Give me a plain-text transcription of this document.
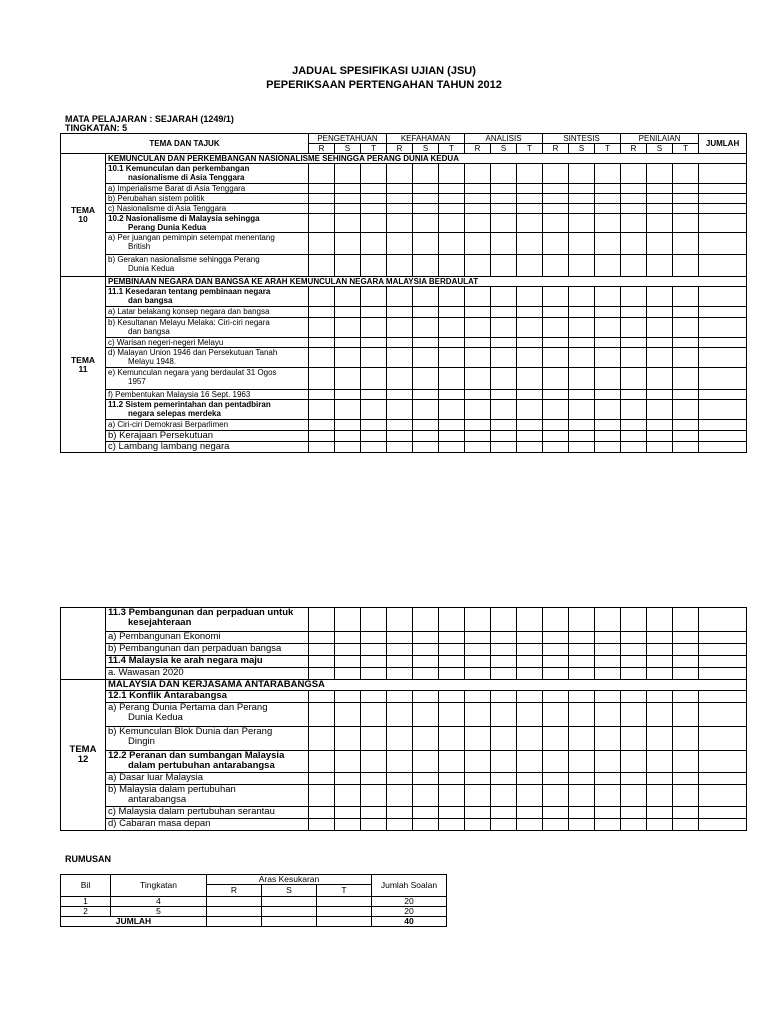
JADUAL SPESIFIKASI UJIAN (JSU)
PEPERIKSAAN PERTENGAHAN TAHUN 2012
MATA PELAJARAN : SEJARAH (1249/1)
TINGKATAN: 5
TEMA DAN TAJUK		PENGETAHUAN			KEFAHAMAN			ANALISIS			SINTESIS			PENILAIAN			JUMLAH
		R	S	T	R	S	T	R	S	T	R	S	T	R	S	T	
TEMA
10	KEMUNCULAN DAN PERKEMBANGAN NASIONALISME SEHINGGA PERANG DUNIA KEDUA																
	10.1 Kemunculan dan perkembangan
nasionalisme di Asia Tenggara																
	a) Imperialisme Barat di Asia Tenggara																
	b) Perubahan sistem politik																
	c) Nasionalisme di Asia Tenggara																
	10.2 Nasionalisme di Malaysia sehingga
Perang Dunia Kedua																
	a) Per juangan pemimpin setempat menentang
British																
	b) Gerakan nasionalisme sehingga Perang
Dunia Kedua																

TEMA
11	PEMBINAAN NEGARA DAN BANGSA KE ARAH KEMUNCULAN NEGARA MALAYSIA BERDAULAT																
	11.1 Kesedaran tentang pembinaan negara
dan bangsa																
	a) Latar belakang konsep negara dan bangsa																
	b) Kesultanan Melayu Melaka: Ciri-ciri negara
dan bangsa																
	c) Warisan negeri-negeri Melayu																
	d) Malayan Union 1946 dan Persekutuan Tanah
Melayu 1948.																
	e) Kemunculan negara yang berdaulat 31 Ogos
1957																
	f) Pembentukan Malaysia 16 Sept. 1963																
	11.2 Sistem pemerintahan dan pentadbiran
negara selepas merdeka																
	a) Ciri-ciri Demokrasi Berparlimen																
	b) Kerajaan Persekutuan																
	c) Lambang lambang negara																
	11.3 Pembangunan dan perpaduan untuk
kesejahteraan																
	a) Pembangunan Ekonomi																
	b) Pembangunan dan perpaduan bangsa																
	11.4 Malaysia ke arah negara maju																
	a. Wawasan 2020																
TEMA
12	MALAYSIA DAN KERJASAMA ANTARABANGSA																
	12.1 Konflik Antarabangsa																
	a) Perang Dunia Pertama dan Perang
Dunia Kedua																
	b) Kemunculan Blok Dunia dan Perang
Dingin																
	12.2 Peranan dan sumbangan Malaysia
dalam pertubuhan antarabangsa																
	a) Dasar luar Malaysia																
	b) Malaysia dalam pertubuhan
antarabangsa																
	c) Malaysia dalam pertubuhan serantau																
	d) Cabaran masa depan																
RUMUSAN
Bil	Tingkatan	Aras Kesukaran			Jumlah Soalan
		R	S	T	
1	4				20
2	5				20
JUMLAH					40
